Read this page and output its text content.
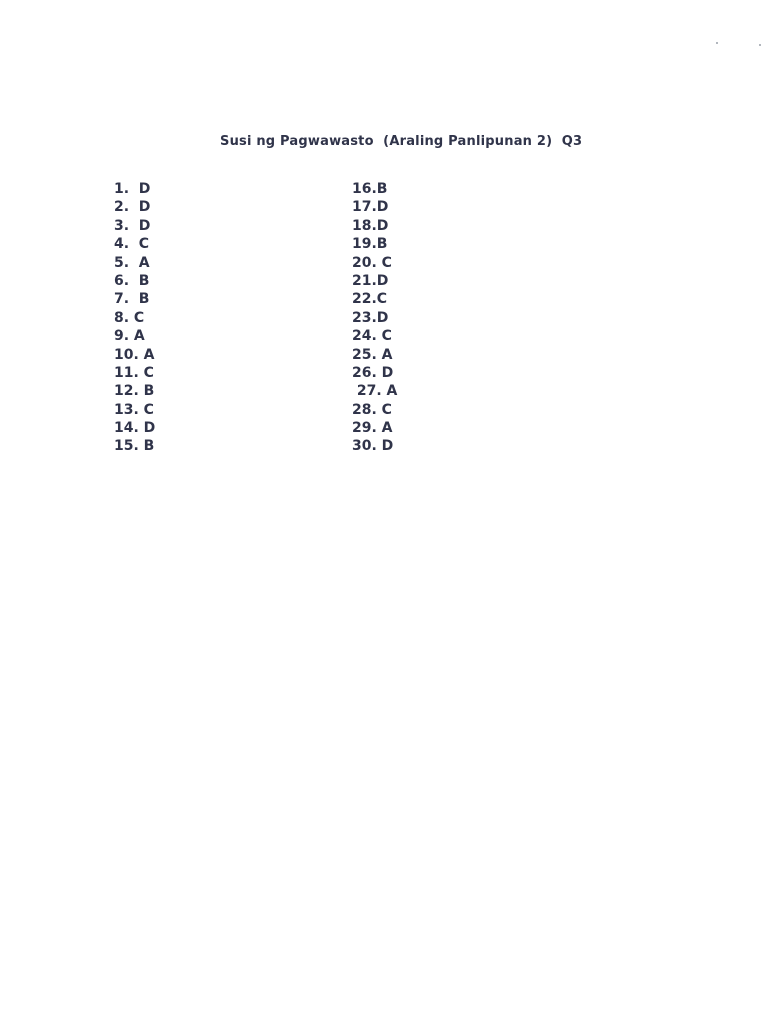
Susi ng Pagwawasto  (Araling Panlipunan 2)  Q3
1.  D
2.  D
3.  D
4.  C
5.  A
6.  B
7.  B
8. C
9. A
10. A
11. C
12. B
13. C
14. D
15. B
16.B
17.D
18.D
19.B
20. C
21.D
22.C
23.D
24. C
25. A
26. D
27. A
28. C
29. A
30. D
